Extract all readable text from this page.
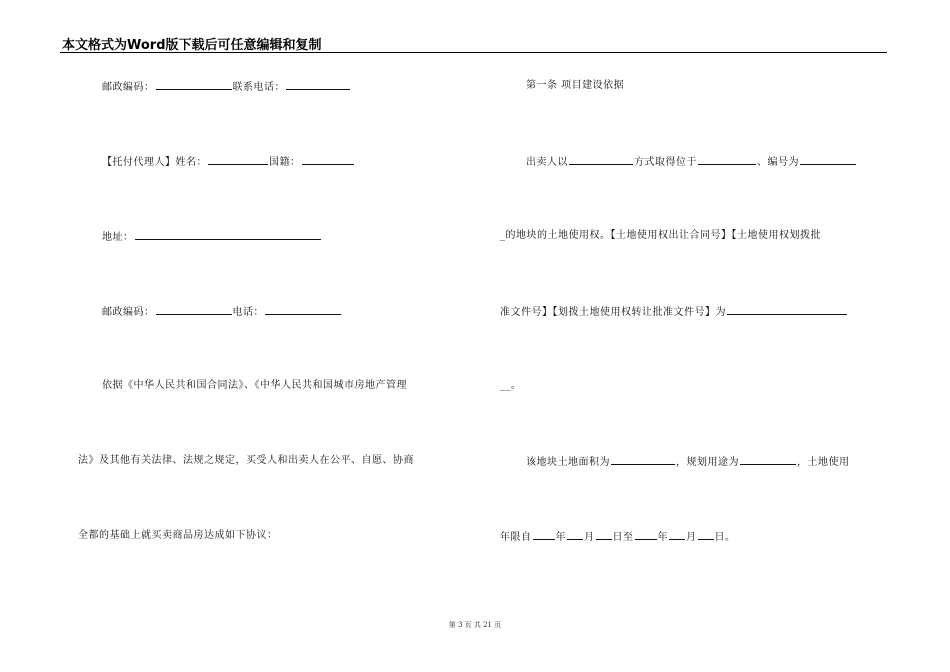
本文格式为Word版下载后可任意编辑和复制
邮政编码：	联系电话：
【托付代理人】姓名：	国籍：
地址：
邮政编码：	电话：
依据《中华人民共和国合同法》、《中华人民共和国城市房地产管理
法》及其他有关法律、法规之规定，买受人和出卖人在公平、自愿、协商
全都的基础上就买卖商品房达成如下协议：
第一条 项目建设依据
出卖人以	方式取得位于	、编号为
_的地块的土地使用权。【土地使用权出让合同号】【土地使用权划拨批
准文件号】【划拨土地使用权转让批准文件号】为
__。
该地块土地面积为	，规划用途为	，土地使用
年限自 年 月 日至 年 月 日。
第 3 页 共 21 页
